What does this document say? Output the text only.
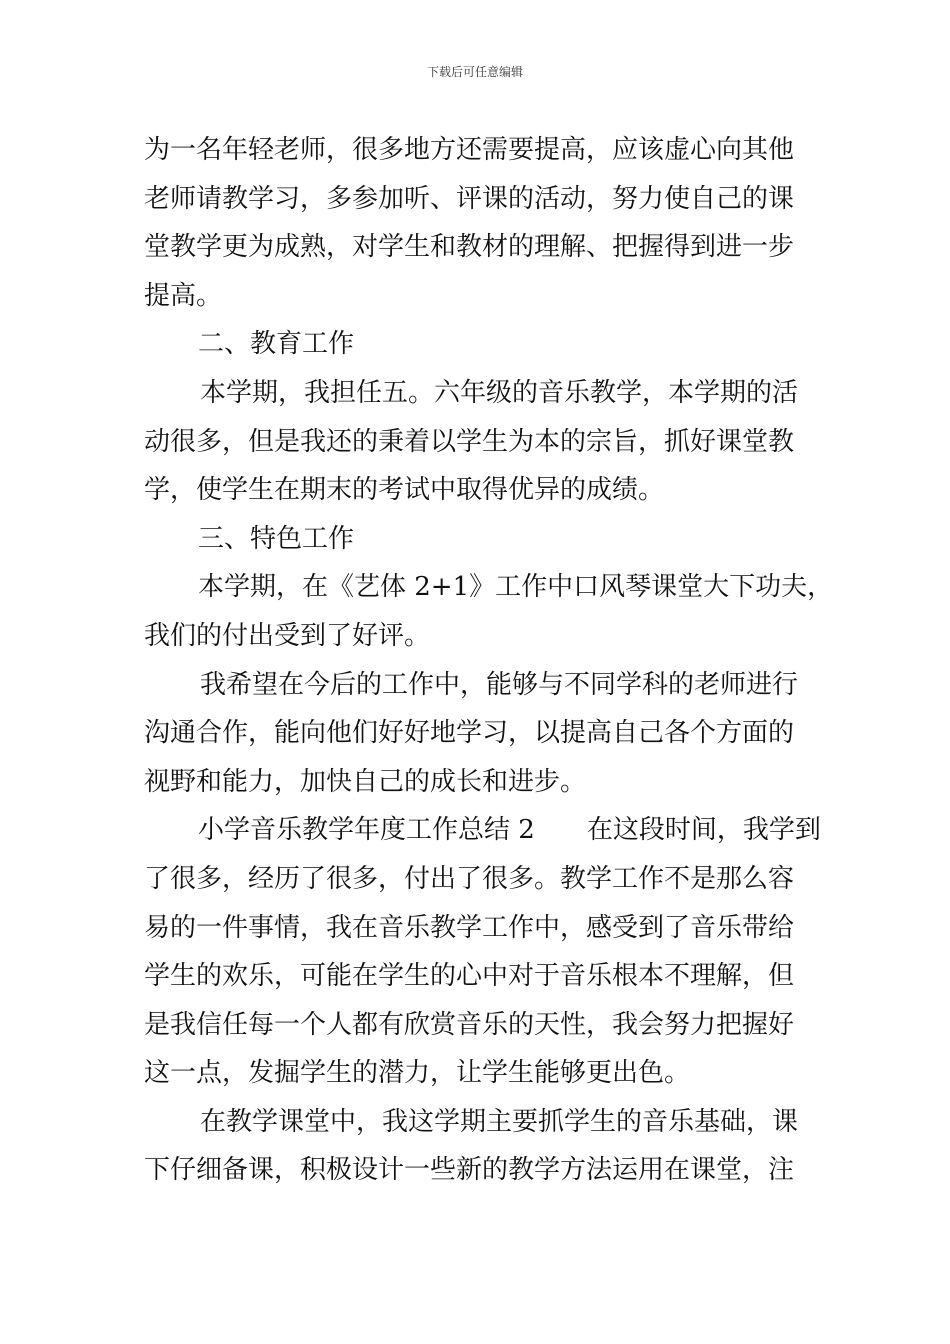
下载后可任意编辑
为一名年轻老师，很多地方还需要提高，应该虚心向其他
老师请教学习，多参加听、评课的活动，努力使自己的课
堂教学更为成熟，对学生和教材的理解、把握得到进一步
提高。
二、教育工作
本学期，我担任五。六年级的音乐教学，本学期的活
动很多，但是我还的秉着以学生为本的宗旨，抓好课堂教
学，使学生在期末的考试中取得优异的成绩。
三、特色工作
本学期，在《艺体 2+1》工作中口风琴课堂大下功夫，
我们的付出受到了好评。
我希望在今后的工作中，能够与不同学科的老师进行
沟通合作，能向他们好好地学习，以提高自己各个方面的
视野和能力，加快自己的成长和进步。
小学音乐教学年度工作总结 2 在这段时间，我学到
了很多，经历了很多，付出了很多。教学工作不是那么容
易的一件事情，我在音乐教学工作中，感受到了音乐带给
学生的欢乐，可能在学生的心中对于音乐根本不理解，但
是我信任每一个人都有欣赏音乐的天性，我会努力把握好
这一点，发掘学生的潜力，让学生能够更出色。
在教学课堂中，我这学期主要抓学生的音乐基础，课
下仔细备课，积极设计一些新的教学方法运用在课堂，注
